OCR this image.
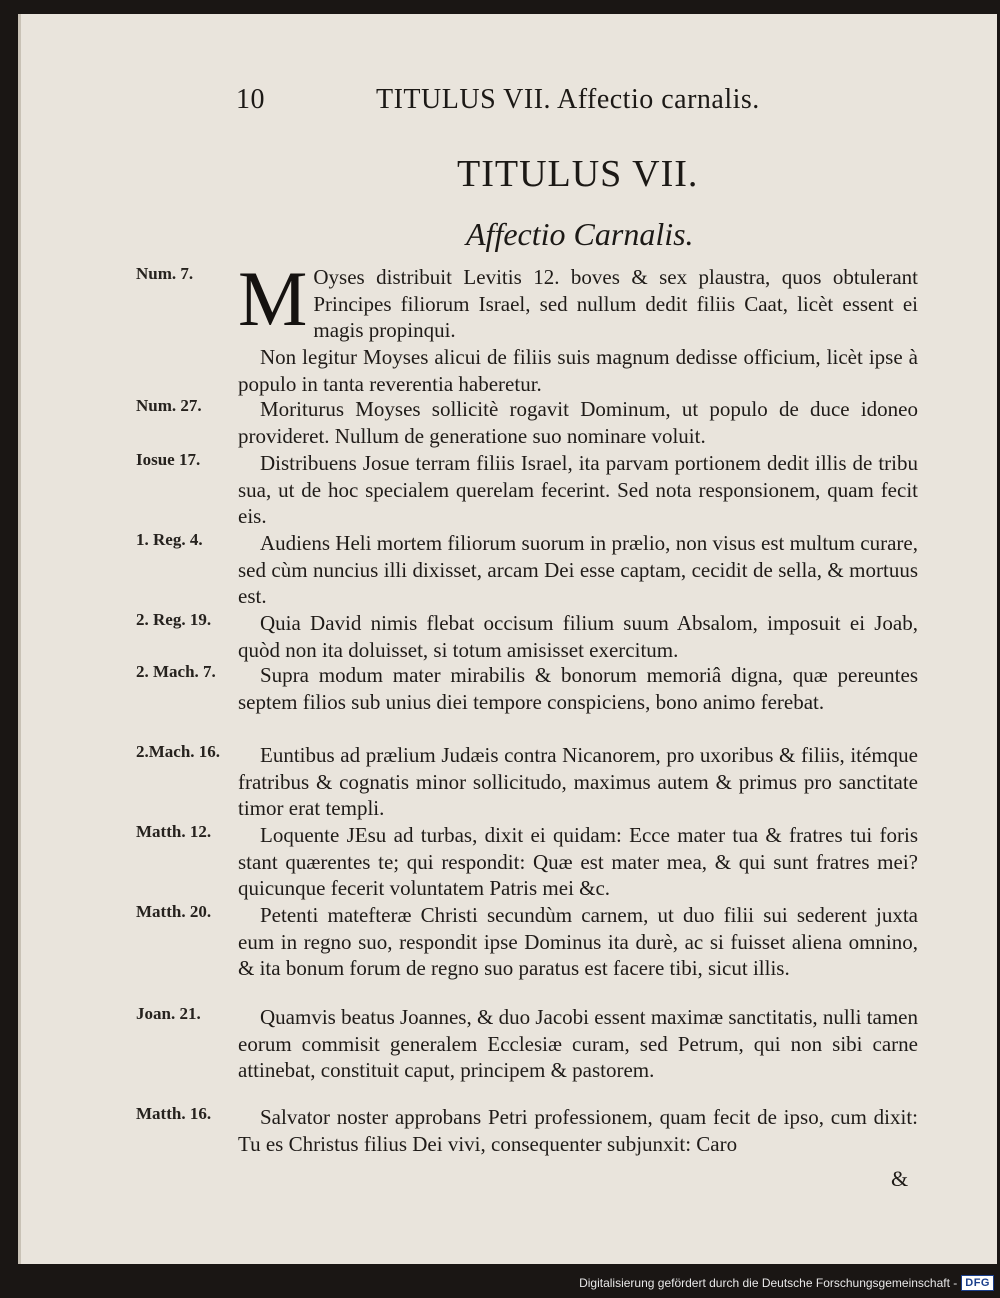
10	TITULUS VII. Affectio carnalis.
TITULUS VII.
Affectio Carnalis.
Num. 7. M Oyses distribuit Levitis 12. boves & sex plaustra, quos obtulerant Principes filiorum Israel, sed nullum dedit filiis Caat, licèt essent ei magis propinqui.
Non legitur Moyses alicui de filiis suis magnum dedisse officium, licèt ipse à populo in tanta reverentia haberetur.
Num. 27.	Moriturus Moyses sollicitè rogavit Dominum, ut populo de duce idoneo provideret. Nullum de generatione suo nominare voluit.
Iosue 17.	Distribuens Josue terram filiis Israel, ita parvam portionem dedit illis de tribu sua, ut de hoc specialem querelam fecerint. Sed nota responsionem, quam fecit eis.
1. Reg. 4.	Audiens Heli mortem filiorum suorum in prælio, non visus est multum curare, sed cùm nuncius illi dixisset, arcam Dei esse captam, cecidit de sella, & mortuus est.
2. Reg. 19.	Quia David nimis flebat occisum filium suum Absalom, imposuit ei Joab, quòd non ita doluisset, si totum amisisset exercitum.
2. Mach. 7.	Supra modum mater mirabilis & bonorum memoriâ digna, quæ pereuntes septem filios sub unius diei tempore conspiciens, bono animo ferebat.
2.Mach. 16.	Euntibus ad prælium Judæis contra Nicanorem, pro uxoribus & filiis, itémque fratribus & cognatis minor sollicitudo, maximus autem & primus pro sanctitate timor erat templi.
Matth. 12.	Loquente JEsu ad turbas, dixit ei quidam: Ecce mater tua & fratres tui foris stant quærentes te; qui respondit: Quæ est mater mea, & qui sunt fratres mei? quicunque fecerit voluntatem Patris mei &c.
Matth. 20.	Petenti matefteræ Christi secundùm carnem, ut duo filii sui sederent juxta eum in regno suo, respondit ipse Dominus ita durè, ac si fuisset aliena omnino, & ita bonum forum de regno suo paratus est facere tibi, sicut illis.
Joan. 21.	Quamvis beatus Joannes, & duo Jacobi essent maximæ sanctitatis, nulli tamen eorum commisit generalem Ecclesiæ curam, sed Petrum, qui non sibi carne attinebat, constituit caput, principem & pastorem.
Matth. 16.	Salvator noster approbans Petri professionem, quam fecit de ipso, cum dixit: Tu es Christus filius Dei vivi, consequenter subjunxit: Caro
&
Digitalisierung gefördert durch die Deutsche Forschungsgemeinschaft - DFG
